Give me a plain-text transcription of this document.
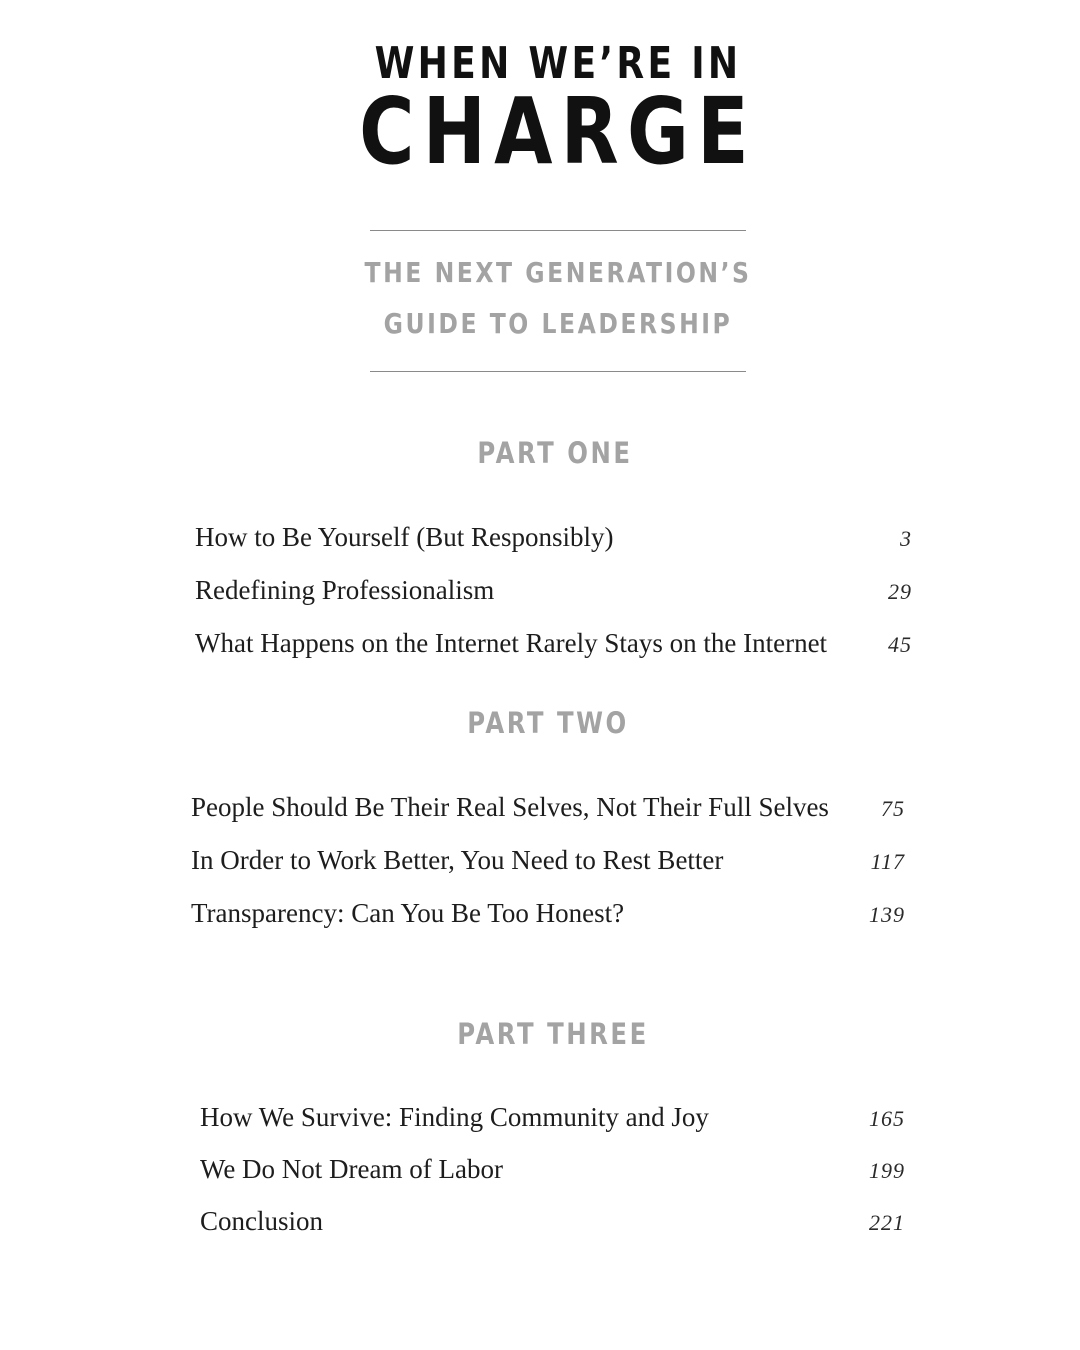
WHEN WE’RE IN
CHARGE
THE NEXT GENERATION’S
GUIDE TO LEADERSHIP
PART ONE
How to Be Yourself (But Responsibly)	3
Redefining Professionalism	29
What Happens on the Internet Rarely Stays on the Internet	45
PART TWO
People Should Be Their Real Selves, Not Their Full Selves 75
In Order to Work Better, You Need to Rest Better	117
Transparency: Can You Be Too Honest?	139
PART THREE
How We Survive: Finding Community and Joy	165
We Do Not Dream of Labor	199
Conclusion	221
